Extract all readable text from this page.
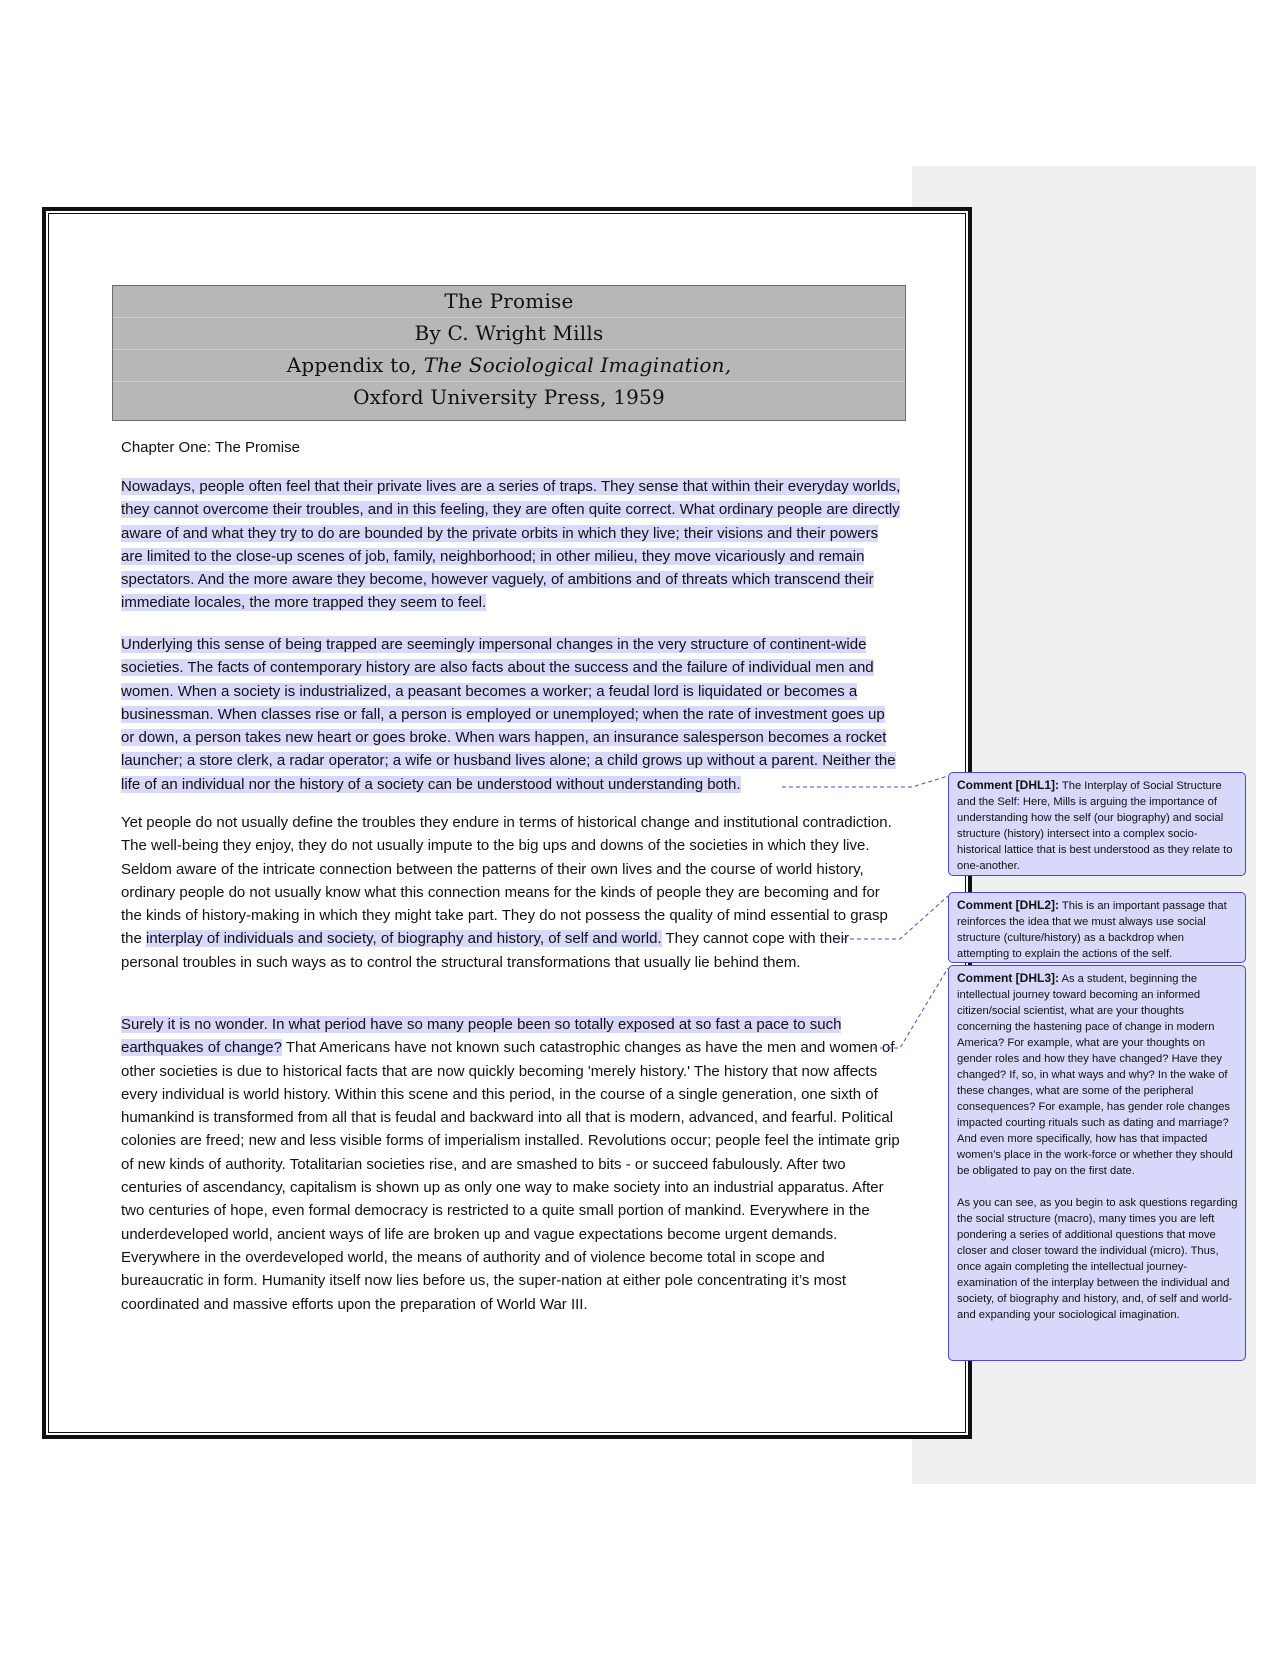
The Promise
By C. Wright Mills
Appendix to, The Sociological Imagination,
Oxford University Press, 1959
Chapter One: The Promise
Nowadays, people often feel that their private lives are a series of traps. They sense that within their everyday worlds, they cannot overcome their troubles, and in this feeling, they are often quite correct. What ordinary people are directly aware of and what they try to do are bounded by the private orbits in which they live; their visions and their powers are limited to the close-up scenes of job, family, neighborhood; in other milieu, they move vicariously and remain spectators. And the more aware they become, however vaguely, of ambitions and of threats which transcend their immediate locales, the more trapped they seem to feel.
Underlying this sense of being trapped are seemingly impersonal changes in the very structure of continent-wide societies. The facts of contemporary history are also facts about the success and the failure of individual men and women. When a society is industrialized, a peasant becomes a worker; a feudal lord is liquidated or becomes a businessman. When classes rise or fall, a person is employed or unemployed; when the rate of investment goes up or down, a person takes new heart or goes broke. When wars happen, an insurance salesperson becomes a rocket launcher; a store clerk, a radar operator; a wife or husband lives alone; a child grows up without a parent. Neither the life of an individual nor the history of a society can be understood without understanding both.
Yet people do not usually define the troubles they endure in terms of historical change and institutional contradiction. The well-being they enjoy, they do not usually impute to the big ups and downs of the societies in which they live. Seldom aware of the intricate connection between the patterns of their own lives and the course of world history, ordinary people do not usually know what this connection means for the kinds of people they are becoming and for the kinds of history-making in which they might take part. They do not possess the quality of mind essential to grasp the interplay of individuals and society, of biography and history, of self and world. They cannot cope with their personal troubles in such ways as to control the structural transformations that usually lie behind them.
Surely it is no wonder. In what period have so many people been so totally exposed at so fast a pace to such earthquakes of change? That Americans have not known such catastrophic changes as have the men and women of other societies is due to historical facts that are now quickly becoming 'merely history.' The history that now affects every individual is world history. Within this scene and this period, in the course of a single generation, one sixth of humankind is transformed from all that is feudal and backward into all that is modern, advanced, and fearful. Political colonies are freed; new and less visible forms of imperialism installed. Revolutions occur; people feel the intimate grip of new kinds of authority. Totalitarian societies rise, and are smashed to bits - or succeed fabulously. After two centuries of ascendancy, capitalism is shown up as only one way to make society into an industrial apparatus. After two centuries of hope, even formal democracy is restricted to a quite small portion of mankind. Everywhere in the underdeveloped world, ancient ways of life are broken up and vague expectations become urgent demands. Everywhere in the overdeveloped world, the means of authority and of violence become total in scope and bureaucratic in form. Humanity itself now lies before us, the super-nation at either pole concentrating it’s most coordinated and massive efforts upon the preparation of World War III.
Comment [DHL1]: The Interplay of Social Structure and the Self: Here, Mills is arguing the importance of understanding how the self (our biography) and social structure (history) intersect into a complex socio-historical lattice that is best understood as they relate to one-another.
Comment [DHL2]: This is an important passage that reinforces the idea that we must always use social structure (culture/history) as a backdrop when attempting to explain the actions of the self.

Comment [DHL3]: As a student, beginning the intellectual journey toward becoming an informed citizen/social scientist, what are your thoughts concerning the hastening pace of change in modern America? For example, what are your thoughts on gender roles and how they have changed? Have they changed? If, so, in what ways and why? In the wake of these changes, what are some of the peripheral consequences? For example, has gender role changes impacted courting rituals such as dating and marriage? And even more specifically, how has that impacted women’s place in the work-force or whether they should be obligated to pay on the first date.

As you can see, as you begin to ask questions regarding the social structure (macro), many times you are left pondering a series of additional questions that move closer and closer toward the individual (micro). Thus, once again completing the intellectual journey- examination of the interplay between the individual and society, of biography and history, and, of self and world- and expanding your sociological imagination.
